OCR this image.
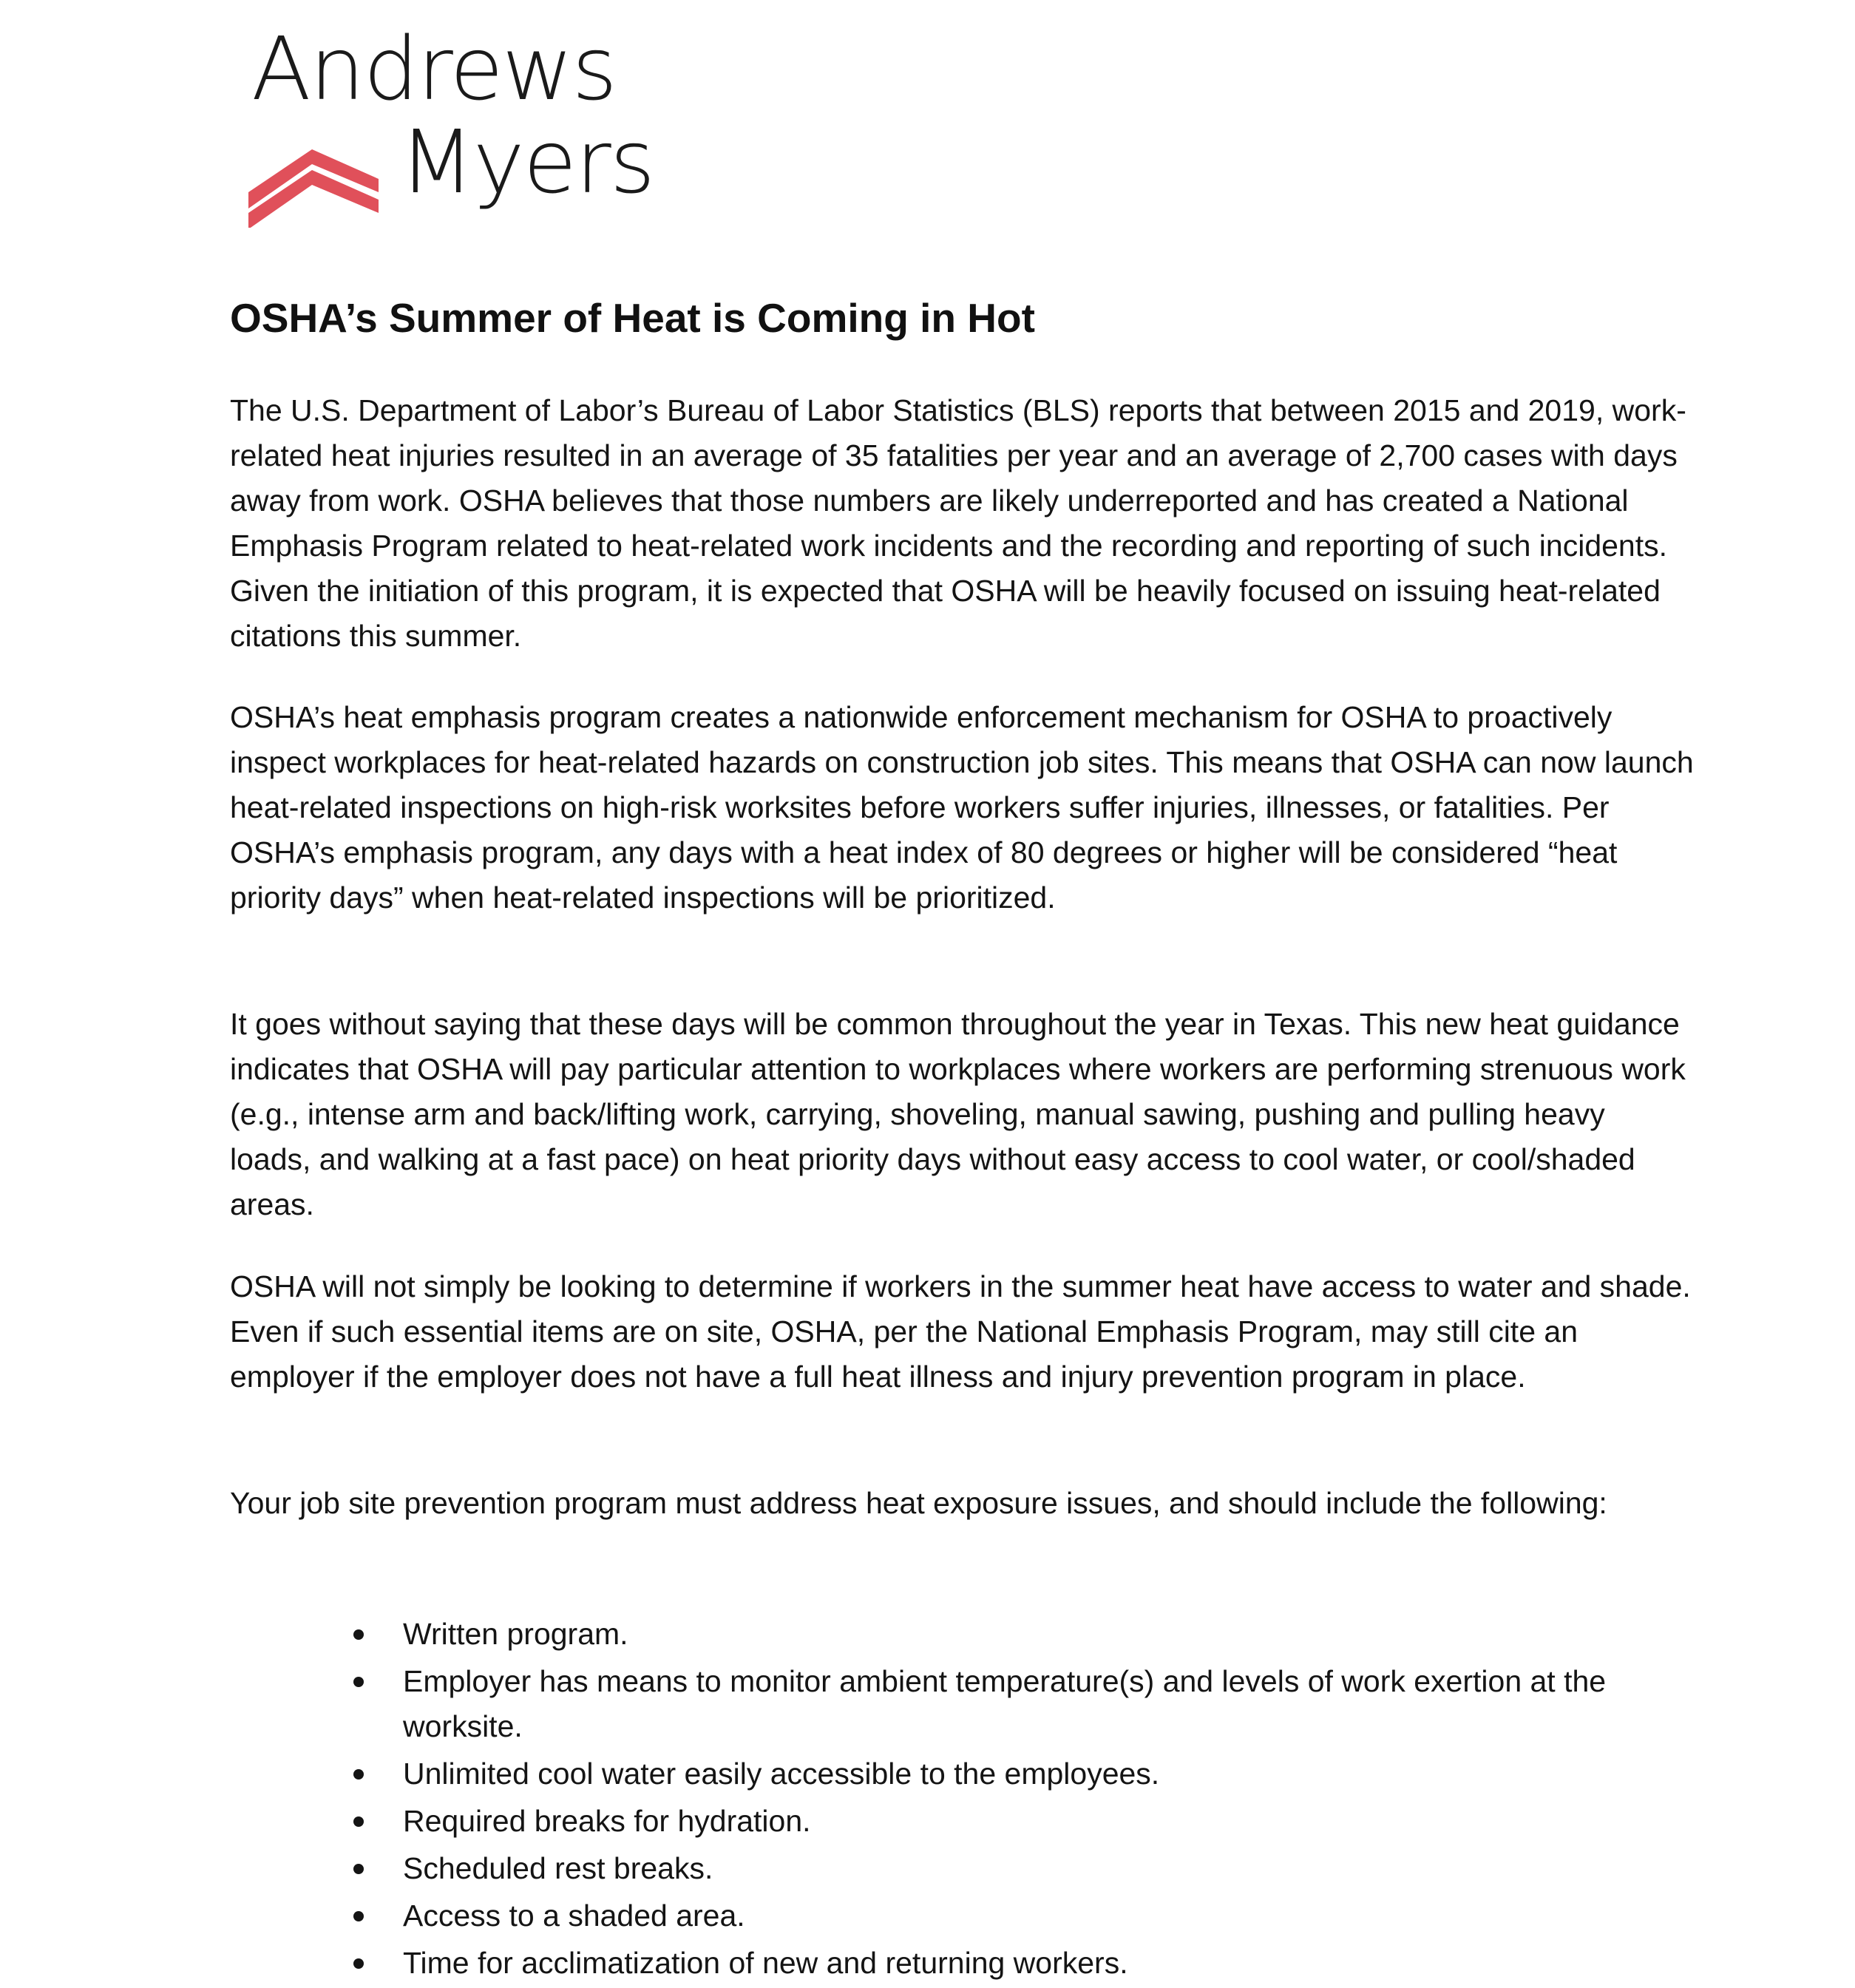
Andrews
Myers
OSHA’s Summer of Heat is Coming in Hot

The U.S. Department of Labor’s Bureau of Labor Statistics (BLS) reports that between 2015 and 2019, work-related heat injuries resulted in an average of 35 fatalities per year and an average of 2,700 cases with days away from work. OSHA believes that those numbers are likely underreported and has created a National Emphasis Program related to heat-related work incidents and the recording and reporting of such incidents. Given the initiation of this program, it is expected that OSHA will be heavily focused on issuing heat-related citations this summer.

OSHA’s heat emphasis program creates a nationwide enforcement mechanism for OSHA to proactively inspect workplaces for heat-related hazards on construction job sites. This means that OSHA can now launch heat-related inspections on high-risk worksites before workers suffer injuries, illnesses, or fatalities. Per OSHA’s emphasis program, any days with a heat index of 80 degrees or higher will be considered “heat priority days” when heat-related inspections will be prioritized.

It goes without saying that these days will be common throughout the year in Texas. This new heat guidance indicates that OSHA will pay particular attention to workplaces where workers are performing strenuous work (e.g., intense arm and back/lifting work, carrying, shoveling, manual sawing, pushing and pulling heavy loads, and walking at a fast pace) on heat priority days without easy access to cool water, or cool/shaded areas.

OSHA will not simply be looking to determine if workers in the summer heat have access to water and shade. Even if such essential items are on site, OSHA, per the National Emphasis Program, may still cite an employer if the employer does not have a full heat illness and injury prevention program in place.

Your job site prevention program must address heat exposure issues, and should include the following:

Written program.
Employer has means to monitor ambient temperature(s) and levels of work exertion at the worksite.
Unlimited cool water easily accessible to the employees.
Required breaks for hydration.
Scheduled rest breaks.
Access to a shaded area.
Time for acclimatization of new and returning workers.
